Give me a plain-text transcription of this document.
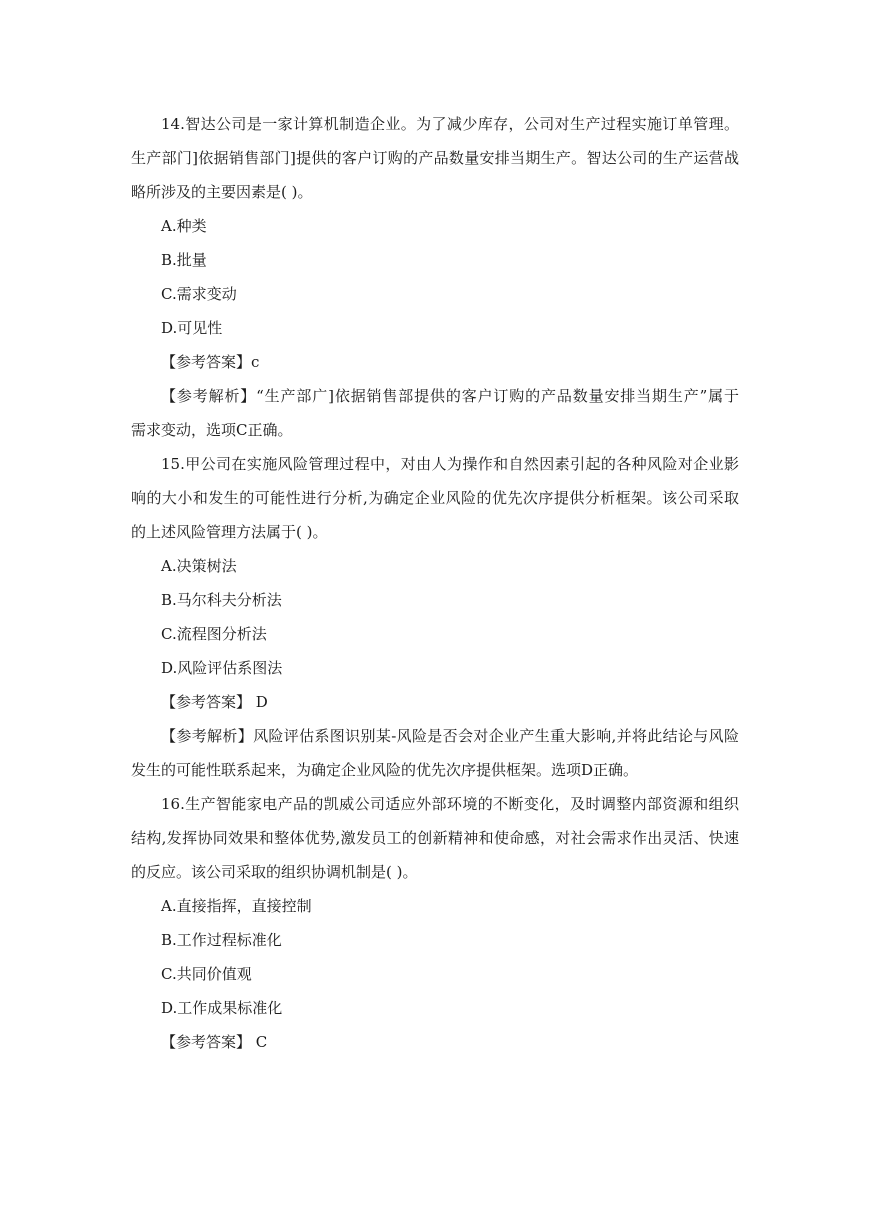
14.智达公司是一家计算机制造企业。为了减少库存，公司对生产过程实施订单管理。
生产部门]依据销售部门]提供的客户订购的产品数量安排当期生产。智达公司的生产运营战
略所涉及的主要因素是( )。
A.种类
B.批量
C.需求变动
D.可见性
【参考答案】c
【参考解析】“生产部广]依据销售部提供的客户订购的产品数量安排当期生产”属于
需求变动，选项C正确。
15.甲公司在实施风险管理过程中，对由人为操作和自然因素引起的各种风险对企业影
响的大小和发生的可能性进行分析,为确定企业风险的优先次序提供分析框架。该公司采取
的上述风险管理方法属于( )。
A.决策树法
B.马尔科夫分析法
C.流程图分析法
D.风险评估系图法
【参考答案】 D
【参考解析】风险评估系图识别某-风险是否会对企业产生重大影响,并将此结论与风险
发生的可能性联系起来，为确定企业风险的优先次序提供框架。选项D正确。
16.生产智能家电产品的凯威公司适应外部环境的不断变化，及时调整内部资源和组织
结构,发挥协同效果和整体优势,激发员工的创新精神和使命感，对社会需求作出灵活、快速
的反应。该公司采取的组织协调机制是( )。
A.直接指挥，直接控制
B.工作过程标准化
C.共同价值观
D.工作成果标准化
【参考答案】 C
